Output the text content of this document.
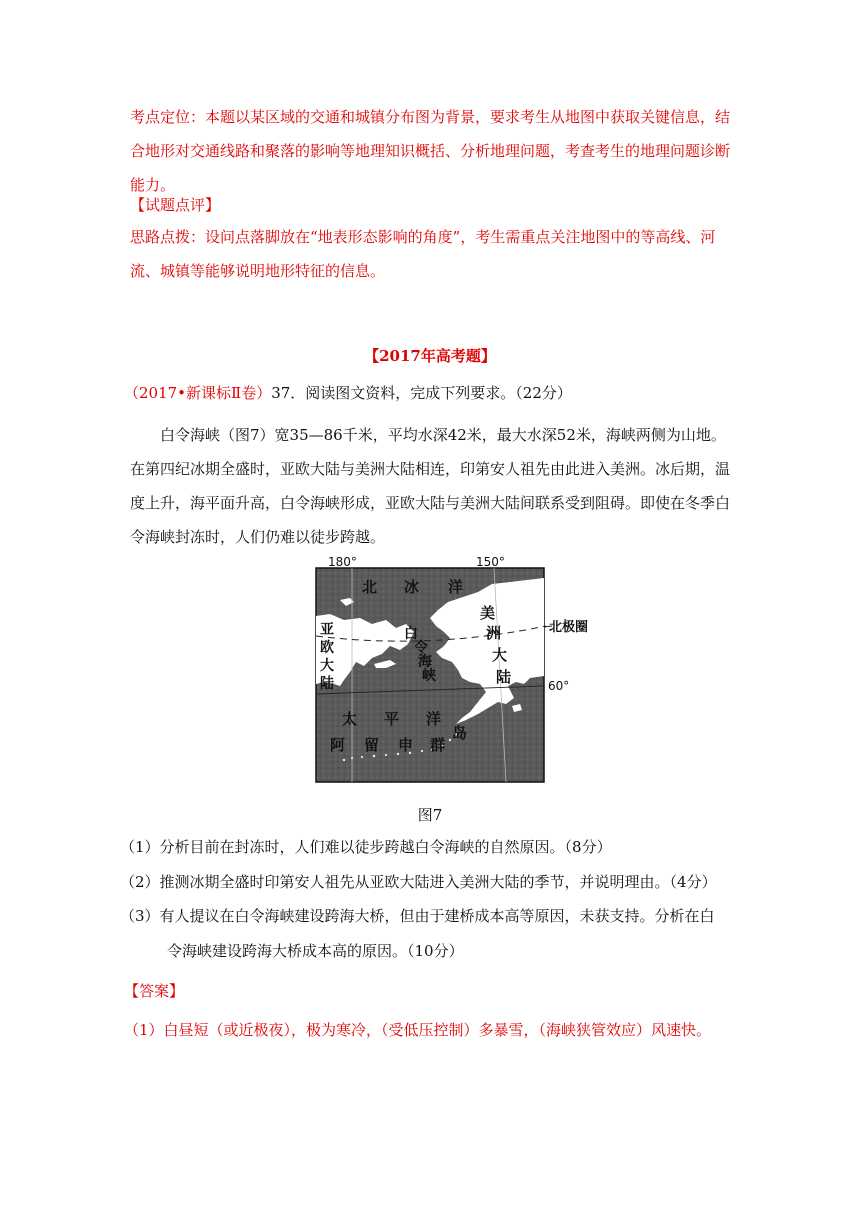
考点定位：本题以某区域的交通和城镇分布图为背景，要求考生从地图中获取关键信息，结
合地形对交通线路和聚落的影响等地理知识概括、分析地理问题，考查考生的地理问题诊断
能力。
【试题点评】
思路点拨：设问点落脚放在“地表形态影响的角度”，考生需重点关注地图中的等高线、河
流、城镇等能够说明地形特征的信息。
【2017年高考题】
（2017•新课标Ⅱ卷）37．阅读图文资料，完成下列要求。（22分）
白令海峡（图7）宽35—86千米，平均水深42米，最大水深52米，海峡两侧为山地。
在第四纪冰期全盛时，亚欧大陆与美洲大陆相连，印第安人祖先由此进入美洲。冰后期，温
度上升，海平面升高，白令海峡形成，亚欧大陆与美洲大陆间联系受到阻碍。即使在冬季白
令海峡封冻时，人们仍难以徒步跨越。
180°	150°
60°
北极圈
北 冰 洋
亚
欧
大
陆
美
洲
大
陆
白
令
海
峡
太 平 洋
阿 留 申 群
岛
图7
（1）分析目前在封冻时，人们难以徒步跨越白令海峡的自然原因。（8分）
（2）推测冰期全盛时印第安人祖先从亚欧大陆进入美洲大陆的季节，并说明理由。（4分）
（3）有人提议在白令海峡建设跨海大桥，但由于建桥成本高等原因，未获支持。分析在白
令海峡建设跨海大桥成本高的原因。（10分）
【答案】
（1）白昼短（或近极夜），极为寒冷，（受低压控制）多暴雪，（海峡狭管效应）风速快。
